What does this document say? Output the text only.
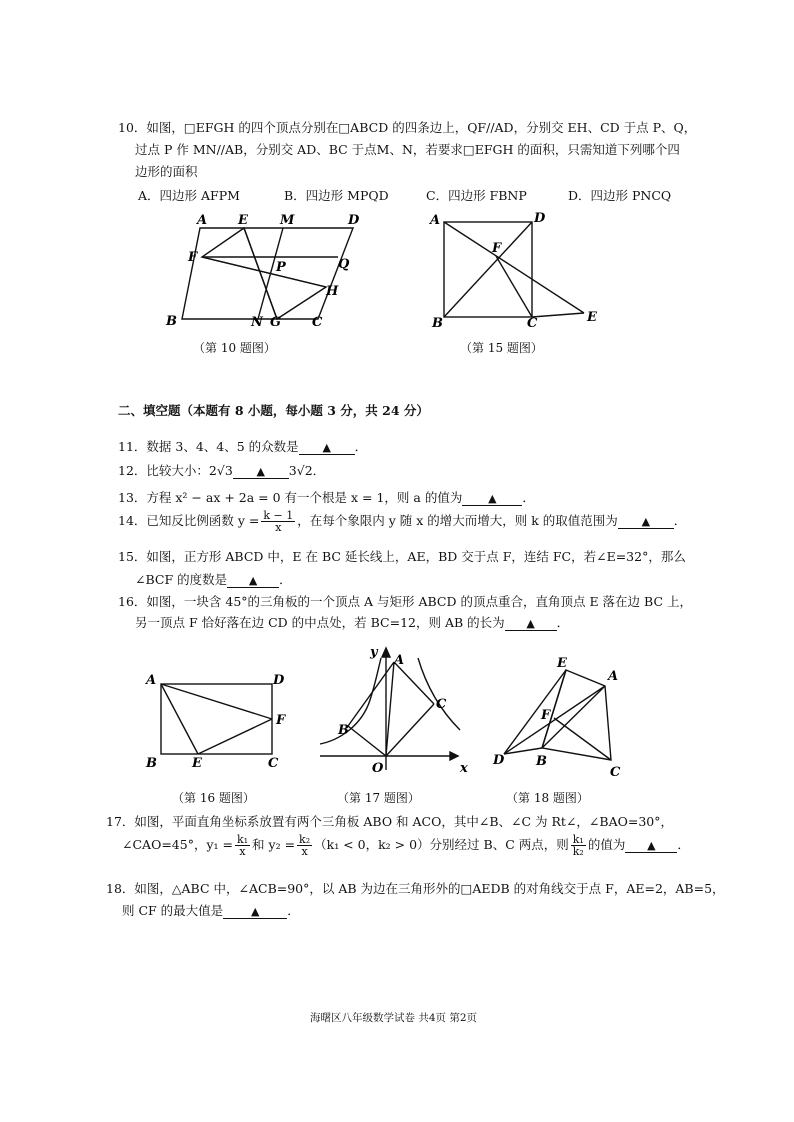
10．如图，□EFGH 的四个顶点分别在□ABCD 的四条边上，QF//AD，分别交 EH、CD 于点 P、Q，
过点 P 作 MN//AB，分别交 AD、BC 于点M、N，若要求□EFGH 的面积，只需知道下列哪个四
边形的面积
A．四边形 AFPM	B．四边形 MPQD	C．四边形 FBNP	D．四边形 PNCQ
A E M	D
F
P	Q
H
B	N G C
（第 10 题图）
A	D
F
B	C	E
（第 15 题图）
二、填空题（本题有 8 小题，每小题 3 分，共 24 分）
11．数据 3、4、4、5 的众数是 ▲ ．
12．比较大小：2√3 ▲ 3√2．
13．方程 x² − ax + 2a = 0 有一个根是 x = 1，则 a 的值为 ▲ ．
14．已知反比例函数 $y = \frac{k - 1}{x}$ ，在每个象限内 y 随 x 的增大而增大，则 k 的取值范围为 ▲ ．
15．如图，正方形 ABCD 中，E 在 BC 延长线上，AE，BD 交于点 F，连结 FC，若∠E=32°，那么
∠BCF 的度数是 ▲ ．
16．如图，一块含 45°的三角板的一个顶点 A 与矩形 ABCD 的顶点重合，直角顶点 E 落在边 BC 上，
另一顶点 F 恰好落在边 CD 的中点处，若 BC=12，则 AB 的长为 ▲ ．
A	D
F
B	E	C
（第 16 题图）
y
A
B
C
O	x
（第 17 题图）
E
A
F
D B
C
（第 18 题图）
17．如图，平面直角坐标系放置有两个三角板 ABO 和 ACO，其中∠B、∠C 为 Rt∠，∠BAO=30°，
∠CAO=45°，$y_1 = \frac{\text{k₁}}{x}$ 和 $y_2 = \frac{\text{k₂}}{x} (k_1 < 0$，k₂ > 0）分别经过 B、C 两点，则 $\frac{\text{k₁}}{\text{k₂}}$ 的值为 ▲ ．
18．如图，△ABC 中，∠ACB=90°，以 AB 为边在三角形外的□AEDB 的对角线交于点 F，AE=2，AB=5，
则 CF 的最大值是	▲ ．
海曙区八年级数学试卷 共4页 第2页
